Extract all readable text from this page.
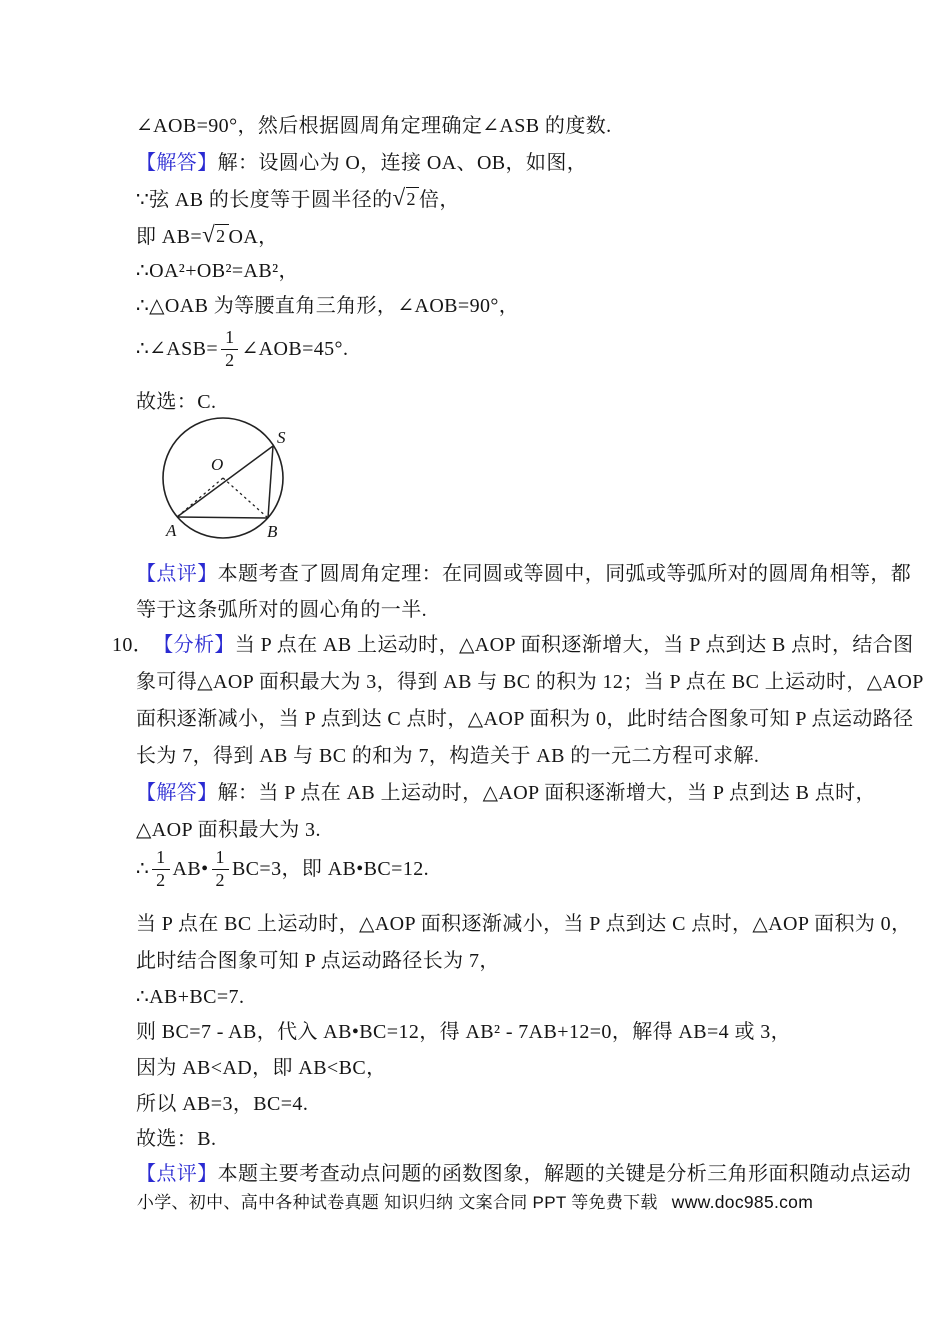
∠AOB=90°，然后根据圆周角定理确定∠ASB 的度数.
【解答】解：设圆心为 O，连接 OA、OB，如图，
∵弦 AB 的长度等于圆半径的 √ 2 倍，
即 AB= √ 2 OA，
∴OA²+OB²=AB²，
∴△OAB 为等腰直角三角形，∠AOB=90°，
∴∠ASB= $\frac{1}{2}$ ∠AOB=45°.
故选：C.
O
A	B
S
【点评】本题考查了圆周角定理：在同圆或等圆中，同弧或等弧所对的圆周角相等，都
等于这条弧所对的圆心角的一半.
10． 【分析】当 P 点在 AB 上运动时，△AOP 面积逐渐增大，当 P 点到达 B 点时，结合图
象可得△AOP 面积最大为 3，得到 AB 与 BC 的积为 12；当 P 点在 BC 上运动时，△AOP
面积逐渐减小，当 P 点到达 C 点时，△AOP 面积为 0，此时结合图象可知 P 点运动路径
长为 7，得到 AB 与 BC 的和为 7，构造关于 AB 的一元二方程可求解.
【解答】解：当 P 点在 AB 上运动时，△AOP 面积逐渐增大，当 P 点到达 B 点时，
△AOP 面积最大为 3.
∴ $\frac{1}{2}$ AB• $\frac{1}{2} BC=3$，即 AB•BC=12.
当 P 点在 BC 上运动时，△AOP 面积逐渐减小，当 P 点到达 C 点时，△AOP 面积为 0，
此时结合图象可知 P 点运动路径长为 7，
∴AB+BC=7.
则 BC=7 - AB，代入 AB•BC=12，得 AB² - 7AB+12=0，解得 AB=4 或 3，
因为 AB<AD，即 AB<BC，
所以 AB=3，BC=4.
故选：B.
【点评】本题主要考查动点问题的函数图象，解题的关键是分析三角形面积随动点运动
小学、初中、高中各种试卷真题 知识归纳 文案合同 PPT 等免费下载 www.doc985.com
